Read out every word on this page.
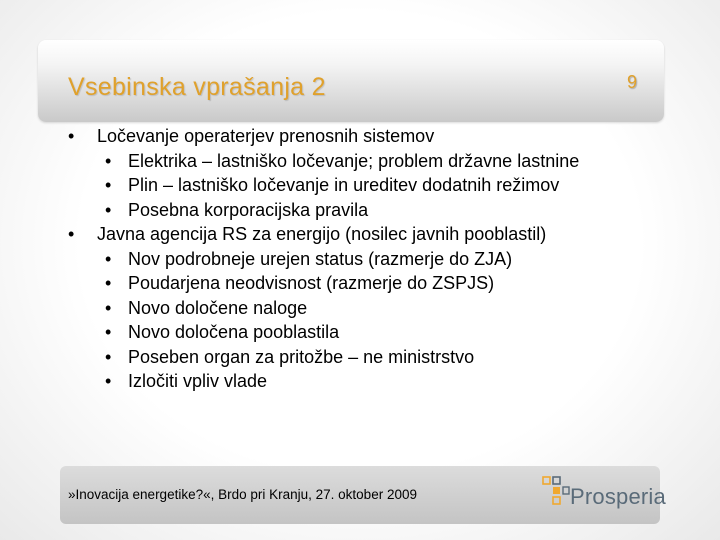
Vsebinska vprašanja 2	9
• Ločevanje operaterjev prenosnih sistemov
• Elektrika – lastniško ločevanje; problem državne lastnine
• Plin – lastniško ločevanje in ureditev dodatnih režimov
• Posebna korporacijska pravila
• Javna agencija RS za energijo (nosilec javnih pooblastil)
• Nov podrobneje urejen status (razmerje do ZJA)
• Poudarjena neodvisnost (razmerje do ZSPJS)
• Novo določene naloge
• Novo določena pooblastila
• Poseben organ za pritožbe – ne ministrstvo
• Izločiti vpliv vlade
»Inovacija energetike?«, Brdo pri Kranju, 27. oktober 2009	Prosperia
